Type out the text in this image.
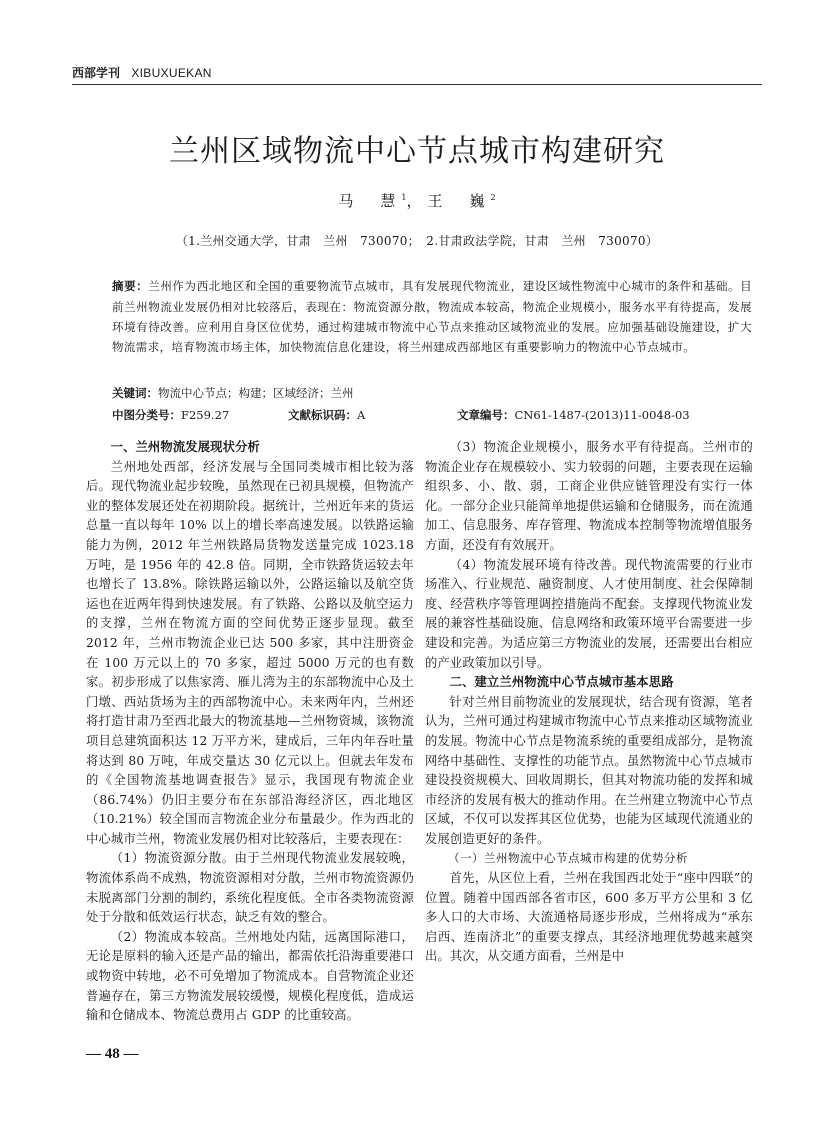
西部学刊 XIBUXUEKAN
兰州区域物流中心节点城市构建研究
马　慧$^1$，王　巍$^2$
（1.兰州交通大学，甘肃　兰州　730070；　2.甘肃政法学院，甘肃　兰州　730070）
摘要：兰州作为西北地区和全国的重要物流节点城市，具有发展现代物流业，建设区域性物流中心城市的条件和基础。目前兰州物流业发展仍相对比较落后，表现在：物流资源分散，物流成本较高，物流企业规模小，服务水平有待提高，发展环境有待改善。应利用自身区位优势，通过构建城市物流中心节点来推动区域物流业的发展。应加强基础设施建设，扩大物流需求，培育物流市场主体，加快物流信息化建设，将兰州建成西部地区有重要影响力的物流中心节点城市。
关键词：物流中心节点；构建；区域经济；兰州
中图分类号：F259.27	文献标识码：A	文章编号：CN61-1487-(2013)11-0048-03
一、兰州物流发展现状分析

兰州地处西部，经济发展与全国同类城市相比较为落后。现代物流业起步较晚，虽然现在已初具规模，但物流产业的整体发展还处在初期阶段。据统计，兰州近年来的货运总量一直以每年 10% 以上的增长率高速发展。以铁路运输能力为例，2012 年兰州铁路局货物发送量完成 1023.18 万吨，是 1956 年的 42.8 倍。同期，全市铁路货运较去年也增长了 13.8%。除铁路运输以外，公路运输以及航空货运也在近两年得到快速发展。有了铁路、公路以及航空运力的支撑，兰州在物流方面的空间优势正逐步显现。截至 2012 年，兰州市物流企业已达 500 多家，其中注册资金在 100 万元以上的 70 多家，超过 5000 万元的也有数家。初步形成了以焦家湾、雁儿湾为主的东部物流中心及土门墩、西站货场为主的西部物流中心。未来两年内，兰州还将打造甘肃乃至西北最大的物流基地—兰州物资城，该物流项目总建筑面积达 12 万平方米，建成后，三年内年吞吐量将达到 80 万吨，年成交量达 30 亿元以上。但就去年发布的《全国物流基地调查报告》显示，我国现有物流企业（86.74%）仍旧主要分布在东部沿海经济区，西北地区（10.21%）较全国而言物流企业分布量最少。作为西北的中心城市兰州，物流业发展仍相对比较落后，主要表现在：

（1）物流资源分散。由于兰州现代物流业发展较晚，物流体系尚不成熟，物流资源相对分散，兰州市物流资源仍未脱离部门分割的制约，系统化程度低。全市各类物流资源处于分散和低效运行状态，缺乏有效的整合。

（2）物流成本较高。兰州地处内陆，远离国际港口，无论是原料的输入还是产品的输出，都需依托沿海重要港口或物资中转地，必不可免增加了物流成本。自营物流企业还普遍存在，第三方物流发展较缓慢，规模化程度低，造成运输和仓储成本、物流总费用占 GDP 的比重较高。

（3）物流企业规模小，服务水平有待提高。兰州市的物流企业存在规模较小、实力较弱的问题，主要表现在运输组织多、小、散、弱，工商企业供应链管理没有实行一体化。一部分企业只能简单地提供运输和仓储服务，而在流通加工、信息服务、库存管理、物流成本控制等物流增值服务方面，还没有有效展开。

（4）物流发展环境有待改善。现代物流需要的行业市场准入、行业规范、融资制度、人才使用制度、社会保障制度、经营秩序等管理调控措施尚不配套。支撑现代物流业发展的兼容性基础设施、信息网络和政策环境平台需要进一步建设和完善。为适应第三方物流业的发展，还需要出台相应的产业政策加以引导。

二、建立兰州物流中心节点城市基本思路

针对兰州目前物流业的发展现状，结合现有资源，笔者认为，兰州可通过构建城市物流中心节点来推动区域物流业的发展。物流中心节点是物流系统的重要组成部分，是物流网络中基础性、支撑性的功能节点。虽然物流中心节点城市建设投资规模大、回收周期长，但其对物流功能的发挥和城市经济的发展有极大的推动作用。在兰州建立物流中心节点区域，不仅可以发挥其区位优势，也能为区域现代流通业的发展创造更好的条件。

（一）兰州物流中心节点城市构建的优势分析

首先，从区位上看，兰州在我国西北处于“座中四联”的位置。随着中国西部各省市区，600 多万平方公里和 3 亿多人口的大市场、大流通格局逐步形成，兰州将成为“承东启西、连南济北”的重要支撑点，其经济地理优势越来越突出。其次，从交通方面看，兰州是中

— 48 —
